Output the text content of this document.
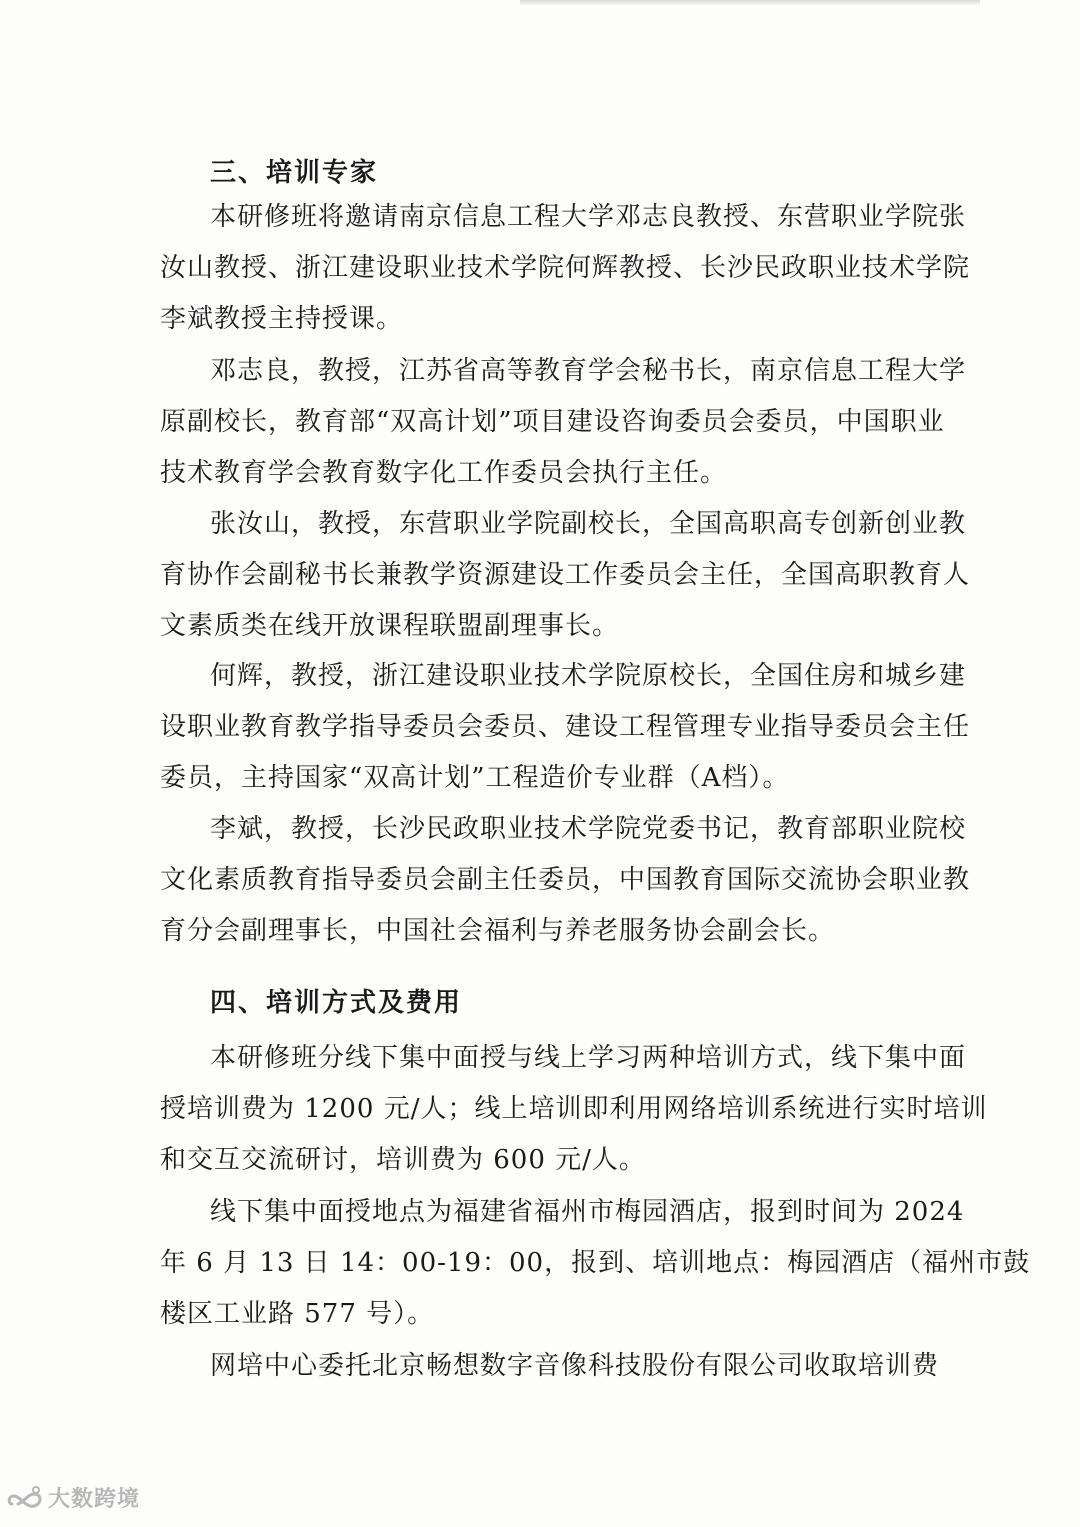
三、培训专家
本研修班将邀请南京信息工程大学邓志良教授、东营职业学院张
汝山教授、浙江建设职业技术学院何辉教授、长沙民政职业技术学院
李斌教授主持授课。
邓志良，教授，江苏省高等教育学会秘书长，南京信息工程大学
原副校长，教育部“双高计划”项目建设咨询委员会委员，中国职业
技术教育学会教育数字化工作委员会执行主任。
张汝山，教授，东营职业学院副校长，全国高职高专创新创业教
育协作会副秘书长兼教学资源建设工作委员会主任，全国高职教育人
文素质类在线开放课程联盟副理事长。
何辉，教授，浙江建设职业技术学院原校长，全国住房和城乡建
设职业教育教学指导委员会委员、建设工程管理专业指导委员会主任
委员，主持国家“双高计划”工程造价专业群（A档）。
李斌，教授，长沙民政职业技术学院党委书记，教育部职业院校
文化素质教育指导委员会副主任委员，中国教育国际交流协会职业教
育分会副理事长，中国社会福利与养老服务协会副会长。
四、培训方式及费用
本研修班分线下集中面授与线上学习两种培训方式，线下集中面
授培训费为 1200 元/人；线上培训即利用网络培训系统进行实时培训
和交互交流研讨，培训费为 600 元/人。
线下集中面授地点为福建省福州市梅园酒店，报到时间为 2024
年 6 月 13 日 14：00-19：00，报到、培训地点：梅园酒店（福州市鼓
楼区工业路 577 号）。
网培中心委托北京畅想数字音像科技股份有限公司收取培训费
大数跨境
